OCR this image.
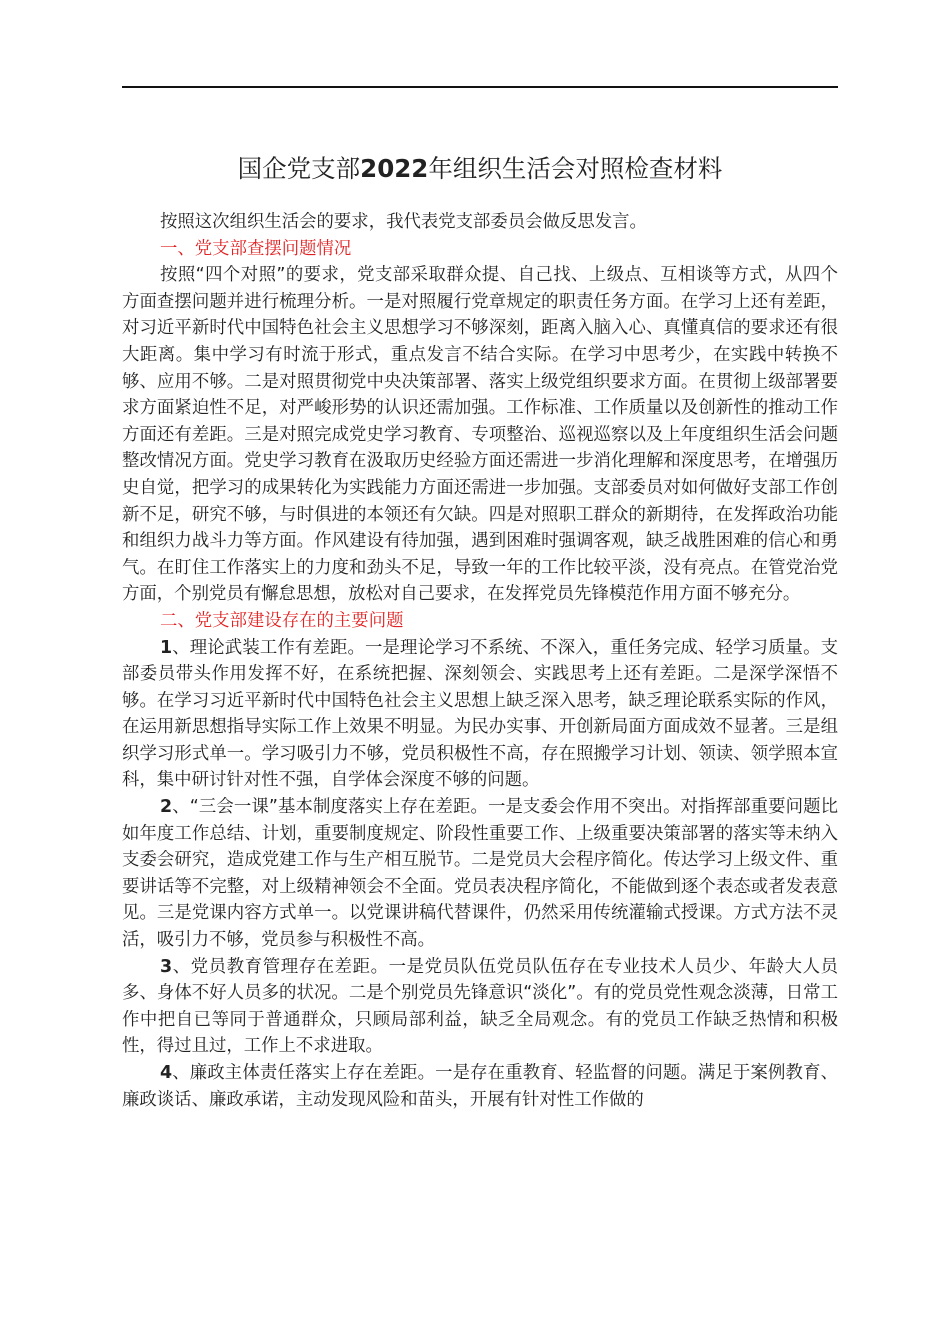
国企党支部2022年组织生活会对照检查材料

按照这次组织生活会的要求，我代表党支部委员会做反思发言。

一、党支部查摆问题情况

按照“四个对照”的要求，党支部采取群众提、自己找、上级点、互相谈等方式，从四个方面查摆问题并进行梳理分析。一是对照履行党章规定的职责任务方面。在学习上还有差距，对习近平新时代中国特色社会主义思想学习不够深刻，距离入脑入心、真懂真信的要求还有很大距离。集中学习有时流于形式，重点发言不结合实际。在学习中思考少，在实践中转换不够、应用不够。二是对照贯彻党中央决策部署、落实上级党组织要求方面。在贯彻上级部署要求方面紧迫性不足，对严峻形势的认识还需加强。工作标准、工作质量以及创新性的推动工作方面还有差距。三是对照完成党史学习教育、专项整治、巡视巡察以及上年度组织生活会问题整改情况方面。党史学习教育在汲取历史经验方面还需进一步消化理解和深度思考，在增强历史自觉，把学习的成果转化为实践能力方面还需进一步加强。支部委员对如何做好支部工作创新不足，研究不够，与时俱进的本领还有欠缺。四是对照职工群众的新期待，在发挥政治功能和组织力战斗力等方面。作风建设有待加强，遇到困难时强调客观，缺乏战胜困难的信心和勇气。在盯住工作落实上的力度和劲头不足，导致一年的工作比较平淡，没有亮点。在管党治党方面，个别党员有懈怠思想，放松对自己要求，在发挥党员先锋模范作用方面不够充分。

二、党支部建设存在的主要问题

1、理论武装工作有差距。一是理论学习不系统、不深入，重任务完成、轻学习质量。支部委员带头作用发挥不好，在系统把握、深刻领会、实践思考上还有差距。二是深学深悟不够。在学习习近平新时代中国特色社会主义思想上缺乏深入思考，缺乏理论联系实际的作风，在运用新思想指导实际工作上效果不明显。为民办实事、开创新局面方面成效不显著。三是组织学习形式单一。学习吸引力不够，党员积极性不高，存在照搬学习计划、领读、领学照本宣科，集中研讨针对性不强，自学体会深度不够的问题。

2、“三会一课”基本制度落实上存在差距。一是支委会作用不突出。对指挥部重要问题比如年度工作总结、计划，重要制度规定、阶段性重要工作、上级重要决策部署的落实等未纳入支委会研究，造成党建工作与生产相互脱节。二是党员大会程序简化。传达学习上级文件、重要讲话等不完整，对上级精神领会不全面。党员表决程序简化，不能做到逐个表态或者发表意见。三是党课内容方式单一。以党课讲稿代替课件，仍然采用传统灌输式授课。方式方法不灵活，吸引力不够，党员参与积极性不高。

3、党员教育管理存在差距。一是党员队伍党员队伍存在专业技术人员少、年龄大人员多、身体不好人员多的状况。二是个别党员先锋意识“淡化”。有的党员党性观念淡薄，日常工作中把自已等同于普通群众，只顾局部利益，缺乏全局观念。有的党员工作缺乏热情和积极性，得过且过，工作上不求进取。

4、廉政主体责任落实上存在差距。一是存在重教育、轻监督的问题。满足于案例教育、廉政谈话、廉政承诺，主动发现风险和苗头，开展有针对性工作做的
